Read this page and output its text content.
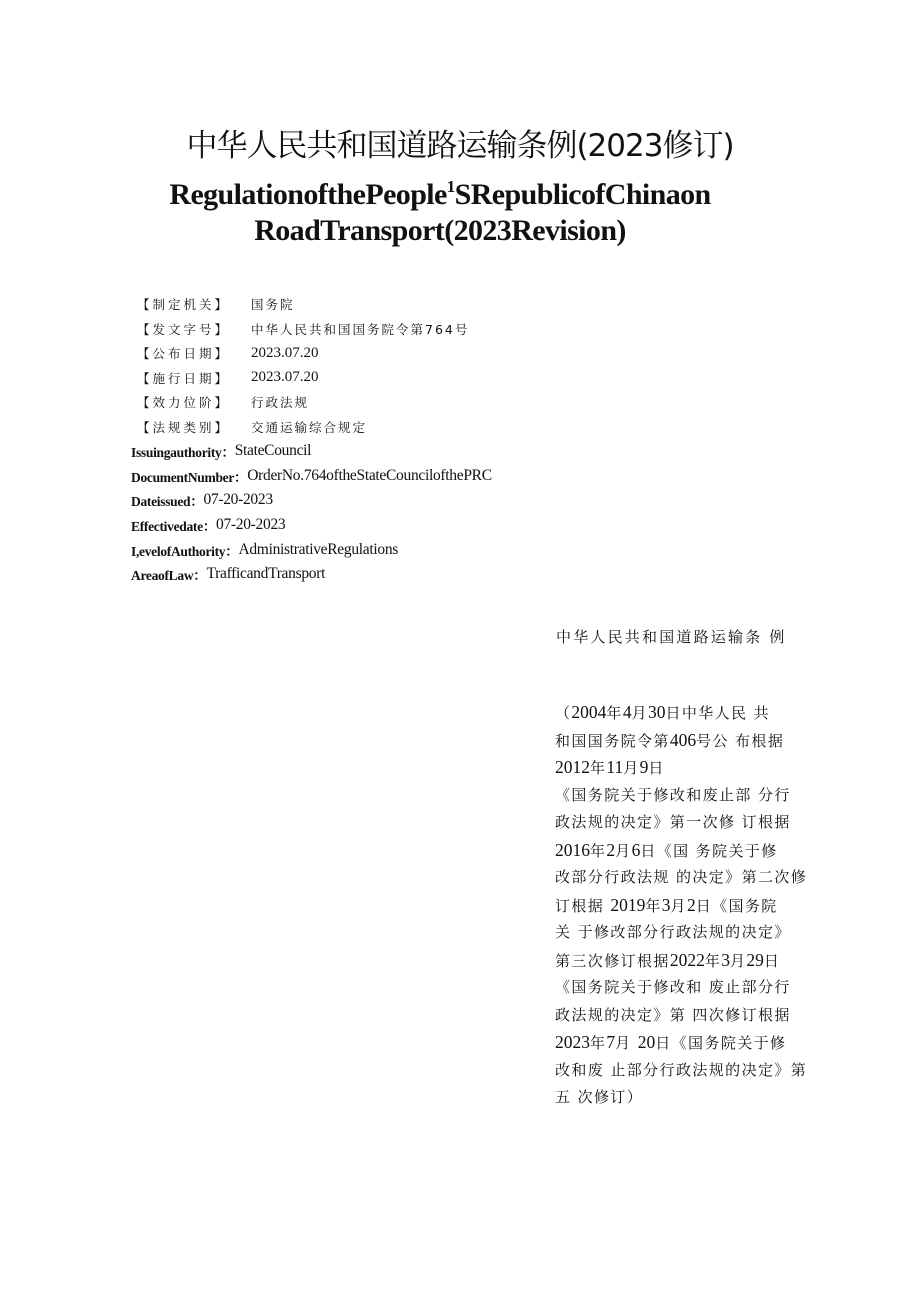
中华人民共和国道路运输条例(2023修订)
RegulationofthePeople$^1$SRepublicofChinaon
RoadTransport(2023Revision)
【制定机关】	国务院
【发文字号】	中华人民共和国国务院令第764号
【公布日期】	2023.07.20
【施行日期】	2023.07.20
【效力位阶】	行政法规
【法规类别】	交通运输综合规定
Issuingauthority： StateCouncil
DocumentNumber： OrderNo.764oftheStateCouncilofthePRC
Dateissued： 07-20-2023
Effectivedate： 07-20-2023
I,evelofAuthority： AdministrativeRegulations
AreaofLaw： TrafficandTransport
中华人民共和国道路运输条 例
（2004年4月30日中华人民 共
和国国务院令第406号公 布根据
2012年11月9日
《国务院关于修改和废止部 分行
政法规的决定》第一次修 订根据
2016年2月6日《国 务院关于修
改部分行政法规 的决定》第二次修
订根据 2019年3月2日《国务院
关 于修改部分行政法规的决定》
第三次修订根据2022年3月29日
《国务院关于修改和 废止部分行
政法规的决定》第 四次修订根据
2023年7月 20日《国务院关于修
改和废 止部分行政法规的决定》第
五 次修订）
